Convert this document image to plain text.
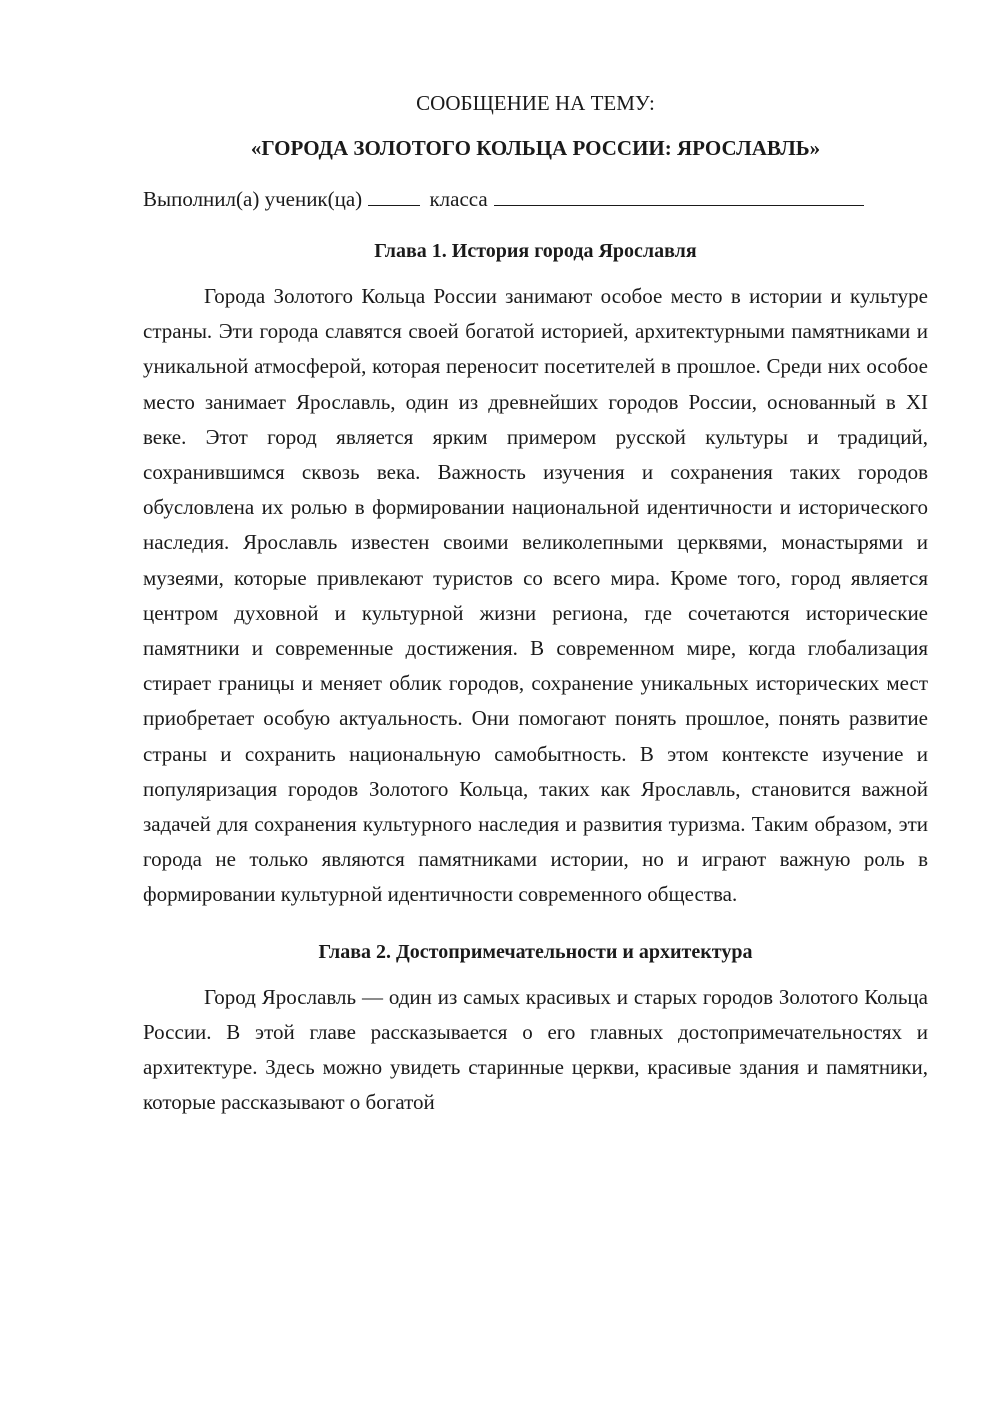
СООБЩЕНИЕ НА ТЕМУ:

«ГОРОДА ЗОЛОТОГО КОЛЬЦА РОССИИ: ЯРОСЛАВЛЬ»

Выполнил(а) ученик(ца)	класса

Глава 1. История города Ярославля

Города Золотого Кольца России занимают особое место в истории и культуре страны. Эти города славятся своей богатой историей, архитектурными памятниками и уникальной атмосферой, которая переносит посетителей в прошлое. Среди них особое место занимает Ярославль, один из древнейших городов России, основанный в XI веке. Этот город является ярким примером русской культуры и традиций, сохранившимся сквозь века. Важность изучения и сохранения таких городов обусловлена их ролью в формировании национальной идентичности и исторического наследия. Ярославль известен своими великолепными церквями, монастырями и музеями, которые привлекают туристов со всего мира. Кроме того, город является центром духовной и культурной жизни региона, где сочетаются исторические памятники и современные достижения. В современном мире, когда глобализация стирает границы и меняет облик городов, сохранение уникальных исторических мест приобретает особую актуальность. Они помогают понять прошлое, понять развитие страны и сохранить национальную самобытность. В этом контексте изучение и популяризация городов Золотого Кольца, таких как Ярославль, становится важной задачей для сохранения культурного наследия и развития туризма. Таким образом, эти города не только являются памятниками истории, но и играют важную роль в формировании культурной идентичности современного общества.

Глава 2. Достопримечательности и архитектура

Город Ярославль — один из самых красивых и старых городов Золотого Кольца России. В этой главе рассказывается о его главных достопримечательностях и архитектуре. Здесь можно увидеть старинные церкви, красивые здания и памятники, которые рассказывают о богатой
